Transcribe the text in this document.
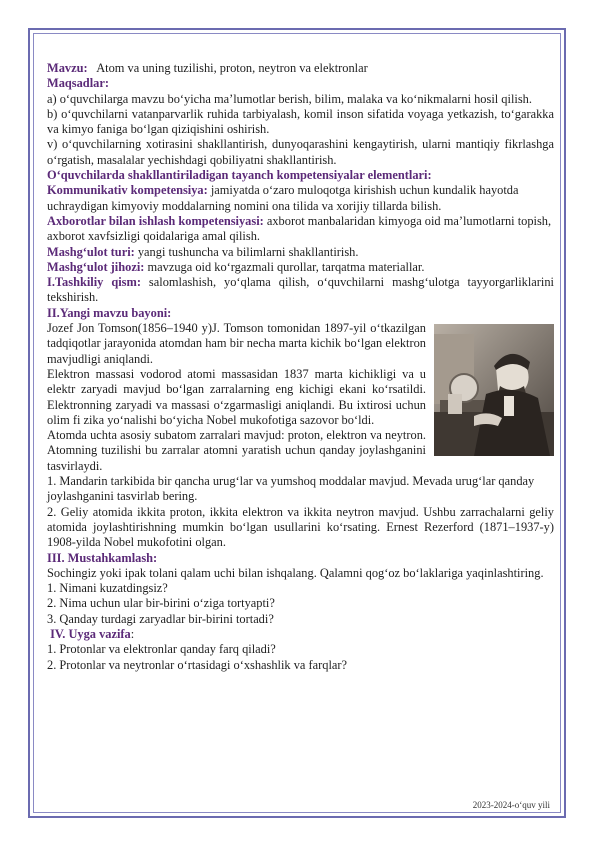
Mavzu: Atom va uning tuzilishi, proton, neytron va elektronlar

Maqsadlar:

a) o‘quvchilarga mavzu bo‘yicha ma’lumotlar berish, bilim, malaka va ko‘nikmalarni hosil qilish.

b) o‘quvchilarni vatanparvarlik ruhida tarbiyalash, komil inson sifatida voyaga yetkazish, to‘garakka va kimyo faniga bo‘lgan qiziqishini oshirish.

v) o‘quvchilarning xotirasini shakllantirish, dunyoqarashini kengaytirish, ularni mantiqiy fikrlashga o‘rgatish, masalalar yechishdagi qobiliyatni shakllantirish.

O‘quvchilarda shakllantiriladigan tayanch kompetensiyalar elementlari:

Kommunikativ kompetensiya: jamiyatda o‘zaro muloqotga kirishish uchun kundalik hayotda uchraydigan kimyoviy moddalarning nomini ona tilida va xorijiy tillarda bilish.

Axborotlar bilan ishlash kompetensiyasi: axborot manbalaridan kimyoga oid ma’lumotlarni topish, axborot xavfsizligi qoidalariga amal qilish.

Mashg‘ulot turi: yangi tushuncha va bilimlarni shakllantirish.

Mashg‘ulot jihozi: mavzuga oid ko‘rgazmali qurollar, tarqatma materiallar.

I.Tashkiliy qism: salomlashish, yo‘qlama qilish, o‘quvchilarni mashg‘ulotga tayyorgarliklarini tekshirish.

II.Yangi mavzu bayoni:

Jozef Jon Tomson(1856–1940 y)J. Tomson tomonidan 1897-yil o‘tkazilgan tadqiqotlar jarayonida atomdan ham bir necha marta kichik bo‘lgan elektron mavjudligi aniqlandi.

Elektron massasi vodorod atomi massasidan 1837 marta kichikligi va u elektr zaryadi mavjud bo‘lgan zarralarning eng kichigi ekani ko‘rsatildi. Elektronning zaryadi va massasi o‘zgarmasligi aniqlandi. Bu ixtirosi uchun olim fi zika yo‘nalishi bo‘yicha Nobel mukofotiga sazovor bo‘ldi.

Atomda uchta asosiy subatom zarralari mavjud: proton, elektron va neytron. Atomning tuzilishi bu zarralar atomni yaratish uchun qanday joylashganini tasvirlaydi.

1. Mandarin tarkibida bir qancha urug‘lar va yumshoq moddalar mavjud. Mevada urug‘lar qanday joylashganini tasvirlab bering.

2. Geliy atomida ikkita proton, ikkita elektron va ikkita neytron mavjud. Ushbu zarrachalarni geliy atomida joylashtirishning mumkin bo‘lgan usullarini ko‘rsating. Ernest Rezerford (1871–1937-y) 1908-yilda Nobel mukofotini olgan.

III. Mustahkamlash:

Sochingiz yoki ipak tolani qalam uchi bilan ishqalang. Qalamni qog‘oz bo‘laklariga yaqinlashtiring.

1. Nimani kuzatdingsiz?

2. Nima uchun ular bir-birini o‘ziga tortyapti?

3. Qanday turdagi zaryadlar bir-birini tortadi?

IV. Uyga vazifa:

1. Protonlar va elektronlar qanday farq qiladi?

2. Protonlar va neytronlar o‘rtasidagi o‘xshashlik va farqlar?

2023-2024-o‘quv yili
